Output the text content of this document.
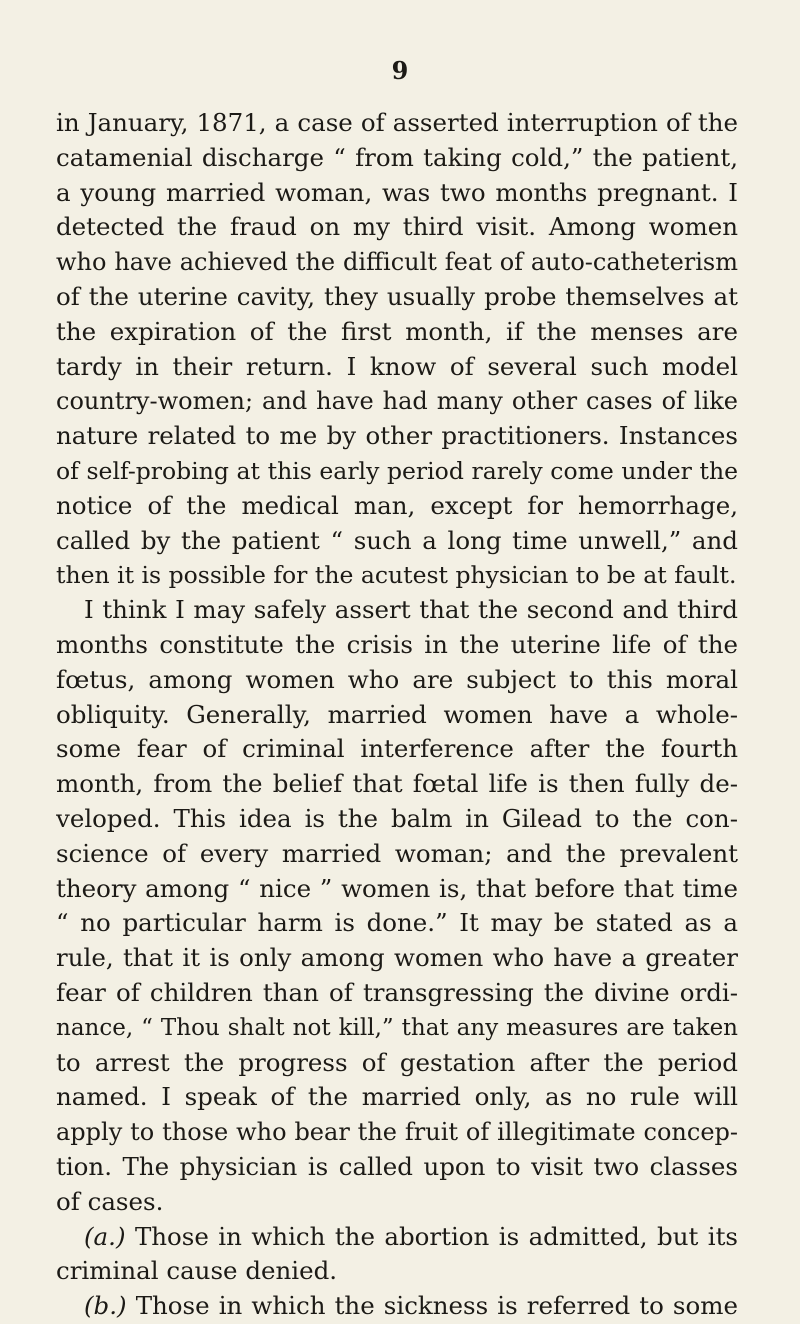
9
in January, 1871, a case of asserted interruption of the
catamenial discharge “ from taking cold,” the patient,
a young married woman, was two months pregnant. I
detected the fraud on my third visit. Among women
who have achieved the difficult feat of auto-catheterism
of the uterine cavity, they usually probe themselves at
the expiration of the first month, if the menses are
tardy in their return. I know of several such model
country-women; and have had many other cases of like
nature related to me by other practitioners. Instances
of self-probing at this early period rarely come under the
notice of the medical man, except for hemorrhage,
called by the patient “ such a long time unwell,” and
then it is possible for the acutest physician to be at fault.
I think I may safely assert that the second and third
months constitute the crisis in the uterine life of the
fœtus, among women who are subject to this moral
obliquity. Generally, married women have a whole-
some fear of criminal interference after the fourth
month, from the belief that fœtal life is then fully de-
veloped. This idea is the balm in Gilead to the con-
science of every married woman; and the prevalent
theory among “ nice ” women is, that before that time
“ no particular harm is done.” It may be stated as a
rule, that it is only among women who have a greater
fear of children than of transgressing the divine ordi-
nance, “ Thou shalt not kill,” that any measures are taken
to arrest the progress of gestation after the period
named. I speak of the married only, as no rule will
apply to those who bear the fruit of illegitimate concep-
tion. The physician is called upon to visit two classes
of cases.
(a.) Those in which the abortion is admitted, but its
criminal cause denied.
(b.) Those in which the sickness is referred to some
